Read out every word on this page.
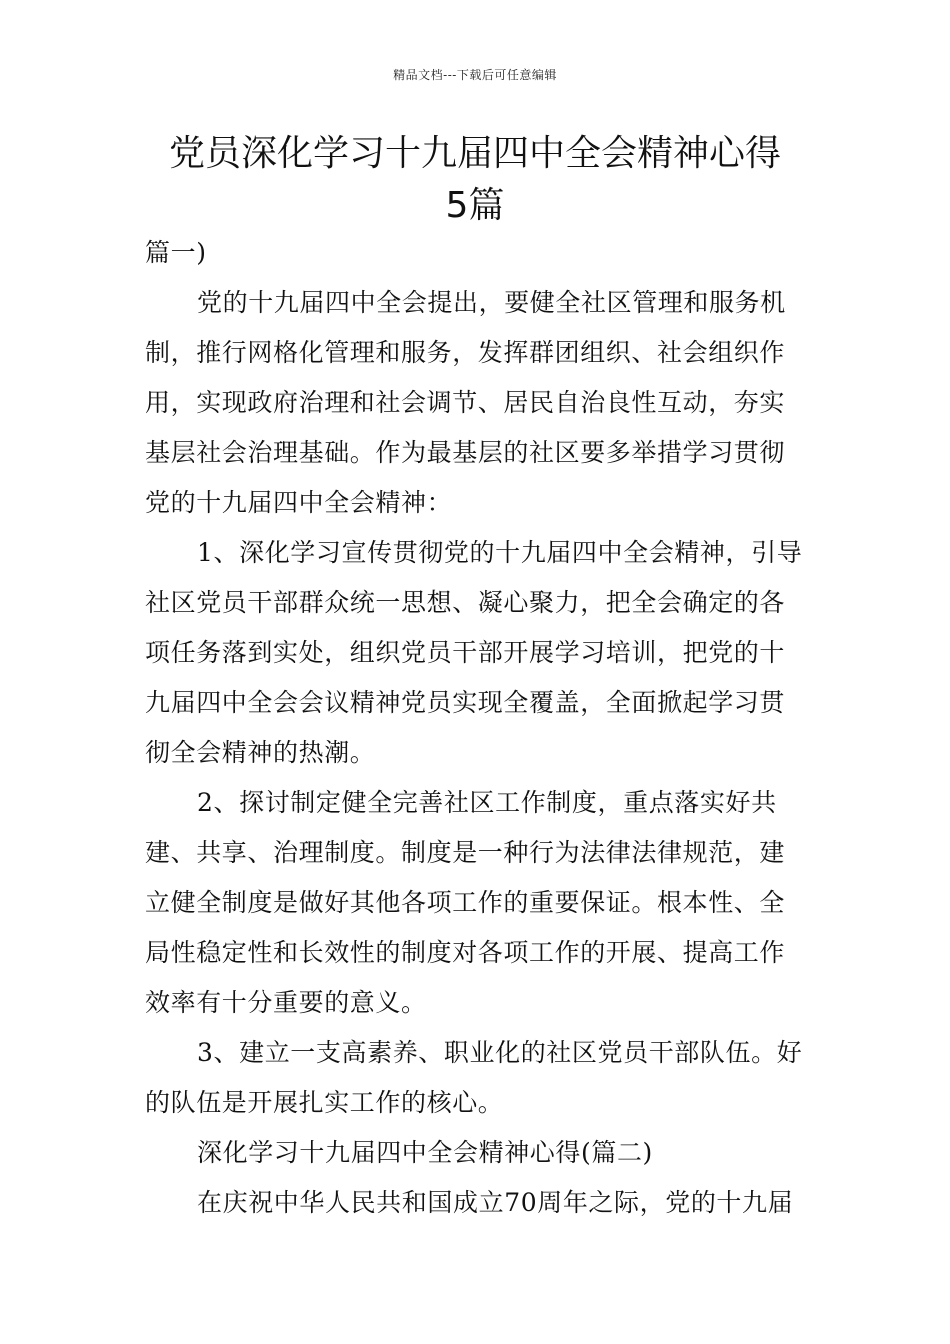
精品文档---下载后可任意编辑
党员深化学习十九届四中全会精神心得
5篇

篇一)

党的十九届四中全会提出，要健全社区管理和服务机制，推行网格化管理和服务，发挥群团组织、社会组织作用，实现政府治理和社会调节、居民自治良性互动，夯实基层社会治理基础。作为最基层的社区要多举措学习贯彻党的十九届四中全会精神：

1、深化学习宣传贯彻党的十九届四中全会精神，引导社区党员干部群众统一思想、凝心聚力，把全会确定的各项任务落到实处，组织党员干部开展学习培训，把党的十九届四中全会会议精神党员实现全覆盖，全面掀起学习贯彻全会精神的热潮。

2、探讨制定健全完善社区工作制度，重点落实好共建、共享、治理制度。制度是一种行为法律法律规范，建立健全制度是做好其他各项工作的重要保证。根本性、全局性稳定性和长效性的制度对各项工作的开展、提高工作效率有十分重要的意义。

3、建立一支高素养、职业化的社区党员干部队伍。好的队伍是开展扎实工作的核心。

深化学习十九届四中全会精神心得(篇二)

在庆祝中华人民共和国成立70周年之际，党的十九届
